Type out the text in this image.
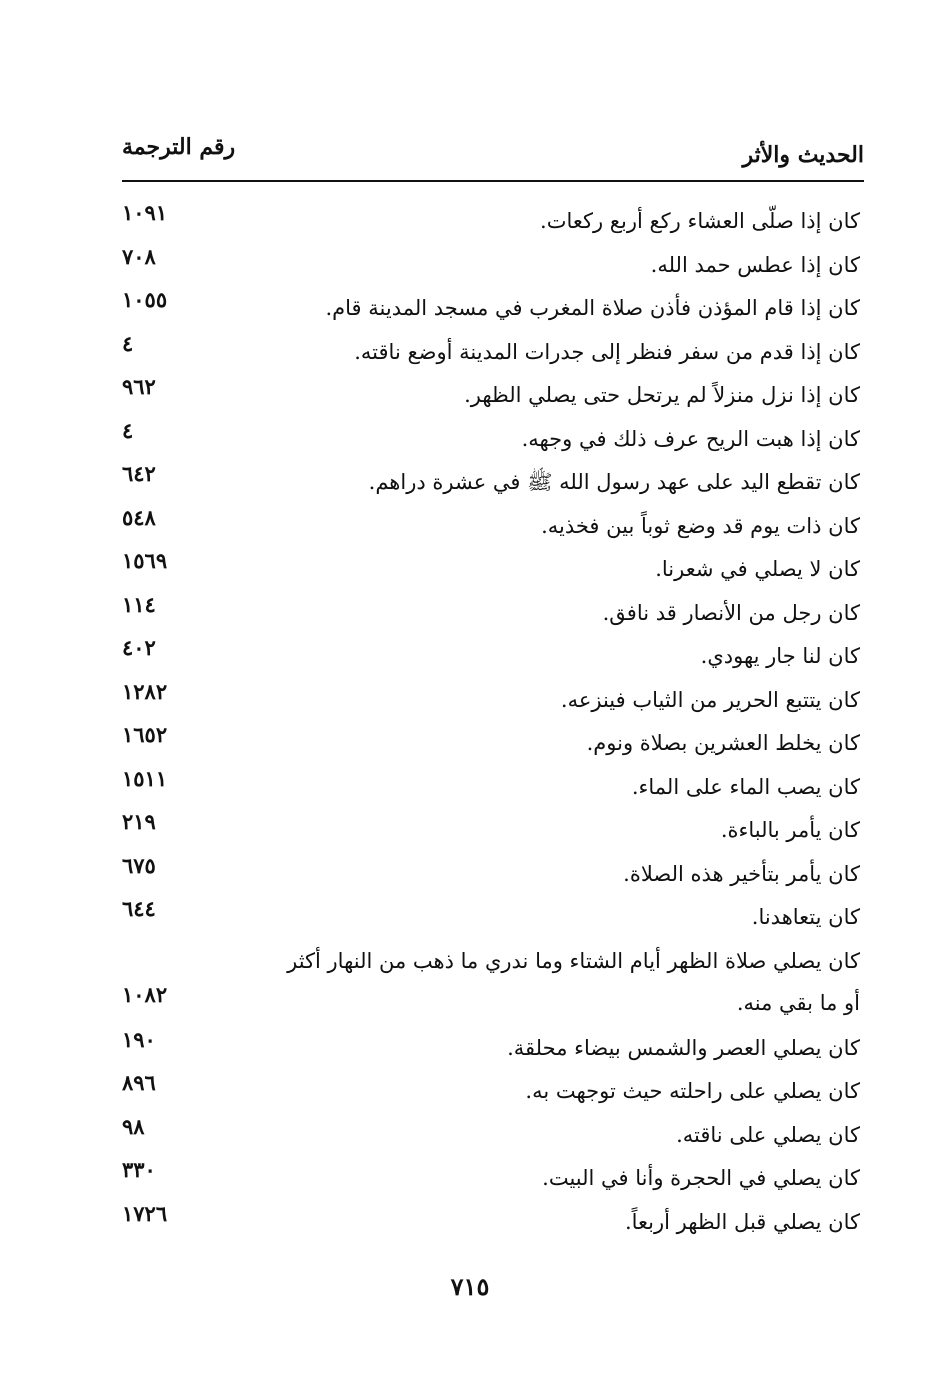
الحديث والأثر
رقم الترجمة
كان إذا صلّى العشاء ركع أربع ركعات.
١٠٩١
كان إذا عطس حمد الله.
٧٠٨
كان إذا قام المؤذن فأذن صلاة المغرب في مسجد المدينة قام.
١٠٥٥
كان إذا قدم من سفر فنظر إلى جدرات المدينة أوضع ناقته.
٤
كان إذا نزل منزلاً لم يرتحل حتى يصلي الظهر.
٩٦٢
كان إذا هبت الريح عرف ذلك في وجهه.
٤
كان تقطع اليد على عهد رسول الله ﷺ في عشرة دراهم.
٦٤٢
كان ذات يوم قد وضع ثوباً بين فخذيه.
٥٤٨
كان لا يصلي في شعرنا.
١٥٦٩
كان رجل من الأنصار قد نافق.
١١٤
كان لنا جار يهودي.
٤٠٢
كان يتتبع الحرير من الثياب فينزعه.
١٢٨٢
كان يخلط العشرين بصلاة ونوم.
١٦٥٢
كان يصب الماء على الماء.
١٥١١
كان يأمر بالباءة.
٢١٩
كان يأمر بتأخير هذه الصلاة.
٦٧٥
كان يتعاهدنا.
٦٤٤
كان يصلي صلاة الظهر أيام الشتاء وما ندري ما ذهب من النهار أكثر أو ما بقي منه.
١٠٨٢
كان يصلي العصر والشمس بيضاء محلقة.
١٩٠
كان يصلي على راحلته حيث توجهت به.
٨٩٦
كان يصلي على ناقته.
٩٨
كان يصلي في الحجرة وأنا في البيت.
٣٣٠
كان يصلي قبل الظهر أربعاً.
١٧٢٦
٧١٥
